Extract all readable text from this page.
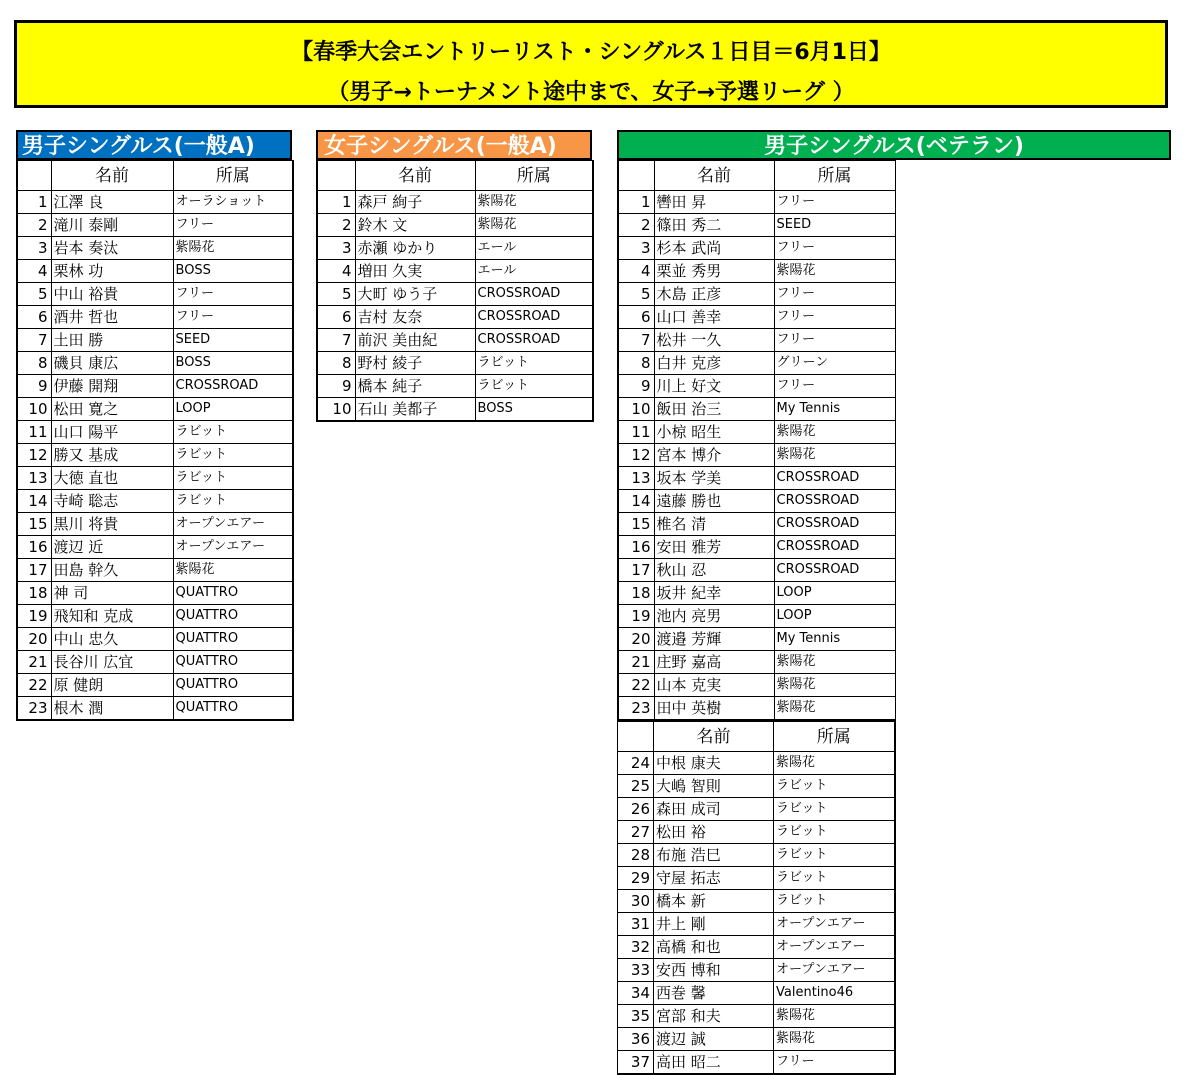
【春季大会エントリーリスト・シングルス１日目＝6月1日】
（男子→トーナメント途中まで、女子→予選リーグ ）
男子シングルス(一般A)
	名前	所属
1	江澤 良	オーラショット
2	滝川 泰剛	フリー
3	岩本 奏汰	紫陽花
4	栗林 功	BOSS
5	中山 裕貴	フリー
6	酒井 哲也	フリー
7	土田 勝	SEED
8	磯貝 康広	BOSS
9	伊藤 開翔	CROSSROAD
10	松田 寛之	LOOP
11	山口 陽平	ラビット
12	勝又 基成	ラビット
13	大徳 直也	ラビット
14	寺崎 聡志	ラビット
15	黒川 将貴	オープンエアー
16	渡辺 近	オープンエアー
17	田島 幹久	紫陽花
18	神 司	QUATTRO
19	飛知和 克成	QUATTRO
20	中山 忠久	QUATTRO
21	長谷川 広宜	QUATTRO
22	原 健朗	QUATTRO
23	根木 潤	QUATTRO
女子シングルス(一般A)
	名前	所属
1	森戸 絢子	紫陽花
2	鈴木 文	紫陽花
3	赤瀬 ゆかり	エール
4	増田 久実	エール
5	大町 ゆう子	CROSSROAD
6	吉村 友奈	CROSSROAD
7	前沢 美由紀	CROSSROAD
8	野村 綾子	ラビット
9	橋本 純子	ラビット
10	石山 美都子	BOSS
男子シングルス(ベテラン)
	名前	所属
1	轡田 昇	フリー
2	篠田 秀二	SEED
3	杉本 武尚	フリー
4	栗並 秀男	紫陽花
5	木島 正彦	フリー
6	山口 善幸	フリー
7	松井 一久	フリー
8	白井 克彦	グリーン
9	川上 好文	フリー
10	飯田 治三	My Tennis
11	小椋 昭生	紫陽花
12	宮本 博介	紫陽花
13	坂本 学美	CROSSROAD
14	遠藤 勝也	CROSSROAD
15	椎名 清	CROSSROAD
16	安田 雅芳	CROSSROAD
17	秋山 忍	CROSSROAD
18	坂井 紀幸	LOOP
19	池内 亮男	LOOP
20	渡邉 芳輝	My Tennis
21	庄野 嘉高	紫陽花
22	山本 克実	紫陽花
23	田中 英樹	紫陽花
	名前	所属
24	中根 康夫	紫陽花
25	大嶋 智則	ラビット
26	森田 成司	ラビット
27	松田 裕	ラビット
28	布施 浩巳	ラビット
29	守屋 拓志	ラビット
30	橋本 新	ラビット
31	井上 剛	オープンエアー
32	高橋 和也	オープンエアー
33	安西 博和	オープンエアー
34	西巻 馨	Valentino46
35	宮部 和夫	紫陽花
36	渡辺 誠	紫陽花
37	高田 昭二	フリー
